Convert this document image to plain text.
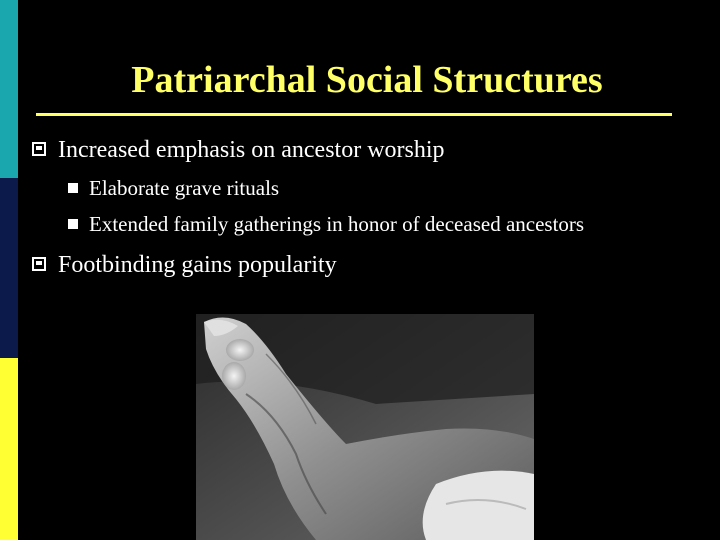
Patriarchal Social Structures
Increased emphasis on ancestor worship
Elaborate grave rituals
Extended family gatherings in honor of deceased ancestors
Footbinding gains popularity
